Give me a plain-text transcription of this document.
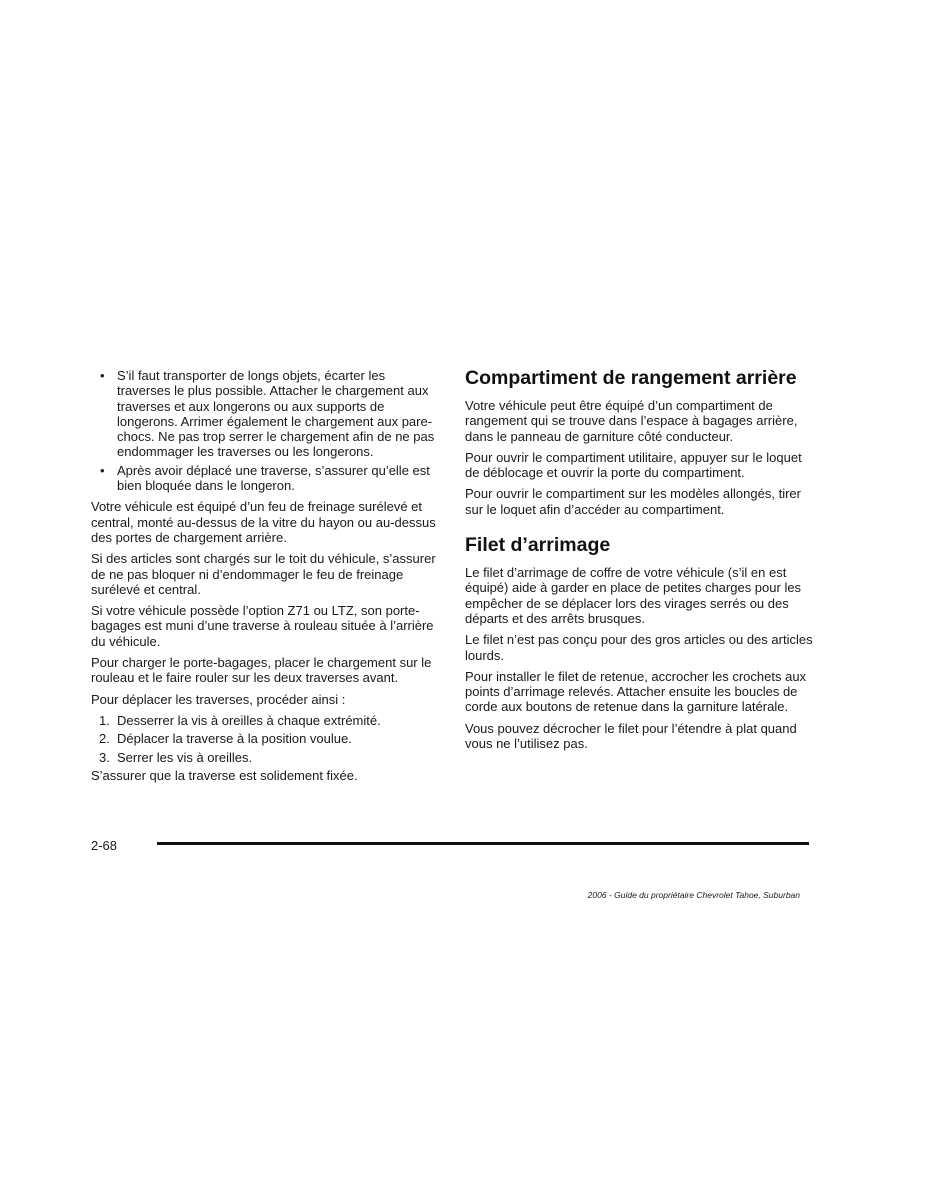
• S’il faut transporter de longs objets, écarter les traverses le plus possible. Attacher le chargement aux traverses et aux longerons ou aux supports de longerons. Arrimer également le chargement aux pare-chocs. Ne pas trop serrer le chargement afin de ne pas endommager les traverses ou les longerons.
• Après avoir déplacé une traverse, s’assurer qu’elle est bien bloquée dans le longeron.

Votre véhicule est équipé d’un feu de freinage surélevé et central, monté au-dessus de la vitre du hayon ou au-dessus des portes de chargement arrière.

Si des articles sont chargés sur le toit du véhicule, s’assurer de ne pas bloquer ni d’endommager le feu de freinage surélevé et central.

Si votre véhicule possède l’option Z71 ou LTZ, son porte-bagages est muni d’une traverse à rouleau située à l’arrière du véhicule.

Pour charger le porte-bagages, placer le chargement sur le rouleau et le faire rouler sur les deux traverses avant.

Pour déplacer les traverses, procéder ainsi :

1. Desserrer la vis à oreilles à chaque extrémité.
2. Déplacer la traverse à la position voulue.
3. Serrer les vis à oreilles.

S’assurer que la traverse est solidement fixée.

Compartiment de rangement arrière

Votre véhicule peut être équipé d’un compartiment de rangement qui se trouve dans l’espace à bagages arrière, dans le panneau de garniture côté conducteur.

Pour ouvrir le compartiment utilitaire, appuyer sur le loquet de déblocage et ouvrir la porte du compartiment.

Pour ouvrir le compartiment sur les modèles allongés, tirer sur le loquet afin d’accéder au compartiment.

Filet d’arrimage

Le filet d’arrimage de coffre de votre véhicule (s’il en est équipé) aide à garder en place de petites charges pour les empêcher de se déplacer lors des virages serrés ou des départs et des arrêts brusques.

Le filet n’est pas conçu pour des gros articles ou des articles lourds.

Pour installer le filet de retenue, accrocher les crochets aux points d’arrimage relevés. Attacher ensuite les boucles de corde aux boutons de retenue dans la garniture latérale.

Vous pouvez décrocher le filet pour l’étendre à plat quand vous ne l’utilisez pas.

2-68
2006 - Guide du propriétaire Chevrolet Tahoe, Suburban
